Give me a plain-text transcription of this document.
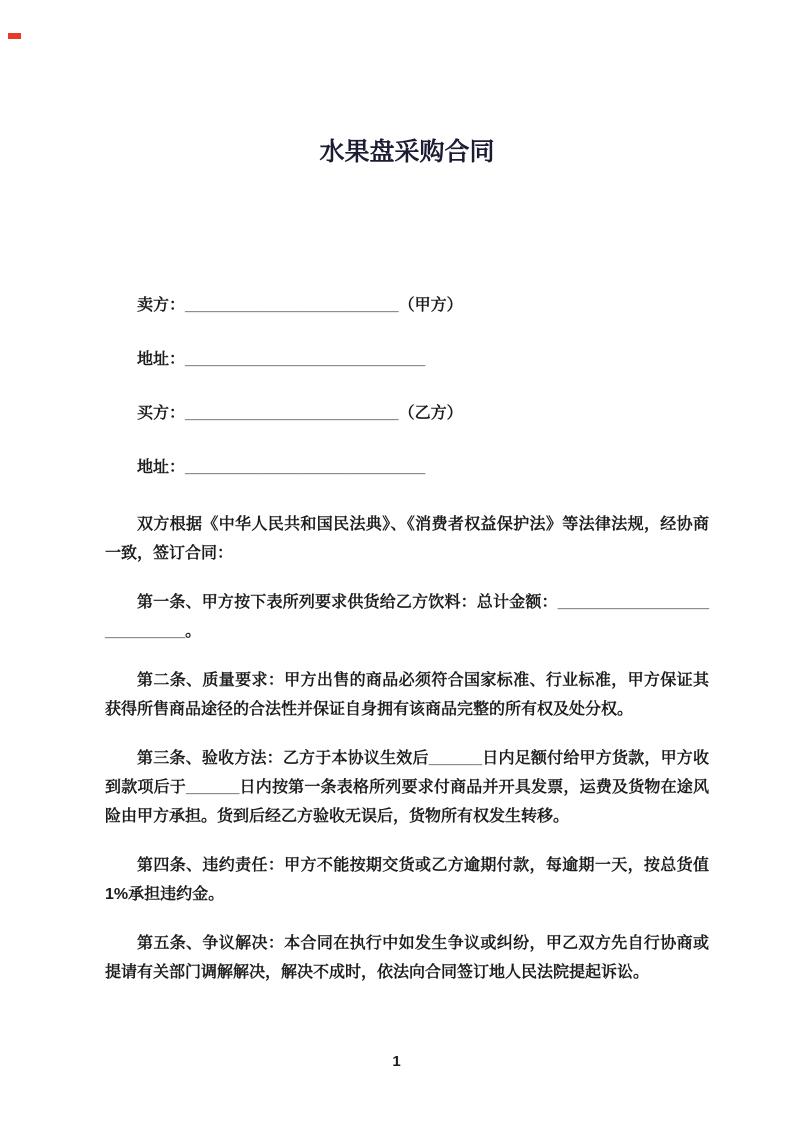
水果盘采购合同

卖方：________________________（甲方）

地址：___________________________

买方：________________________（乙方）

地址：___________________________

双方根据《中华人民共和国民法典》、《消费者权益保护法》等法律法规，经协商一致，签订合同：

第一条、甲方按下表所列要求供货给乙方饮料：总计金额：__________________________。

第二条、质量要求：甲方出售的商品必须符合国家标准、行业标准，甲方保证其获得所售商品途径的合法性并保证自身拥有该商品完整的所有权及处分权。

第三条、验收方法：乙方于本协议生效后______日内足额付给甲方货款，甲方收到款项后于______日内按第一条表格所列要求付商品并开具发票，运费及货物在途风险由甲方承担。货到后经乙方验收无误后，货物所有权发生转移。

第四条、违约责任：甲方不能按期交货或乙方逾期付款，每逾期一天，按总货值1%承担违约金。

第五条、争议解决：本合同在执行中如发生争议或纠纷，甲乙双方先自行协商或提请有关部门调解解决，解决不成时，依法向合同签订地人民法院提起诉讼。

1
